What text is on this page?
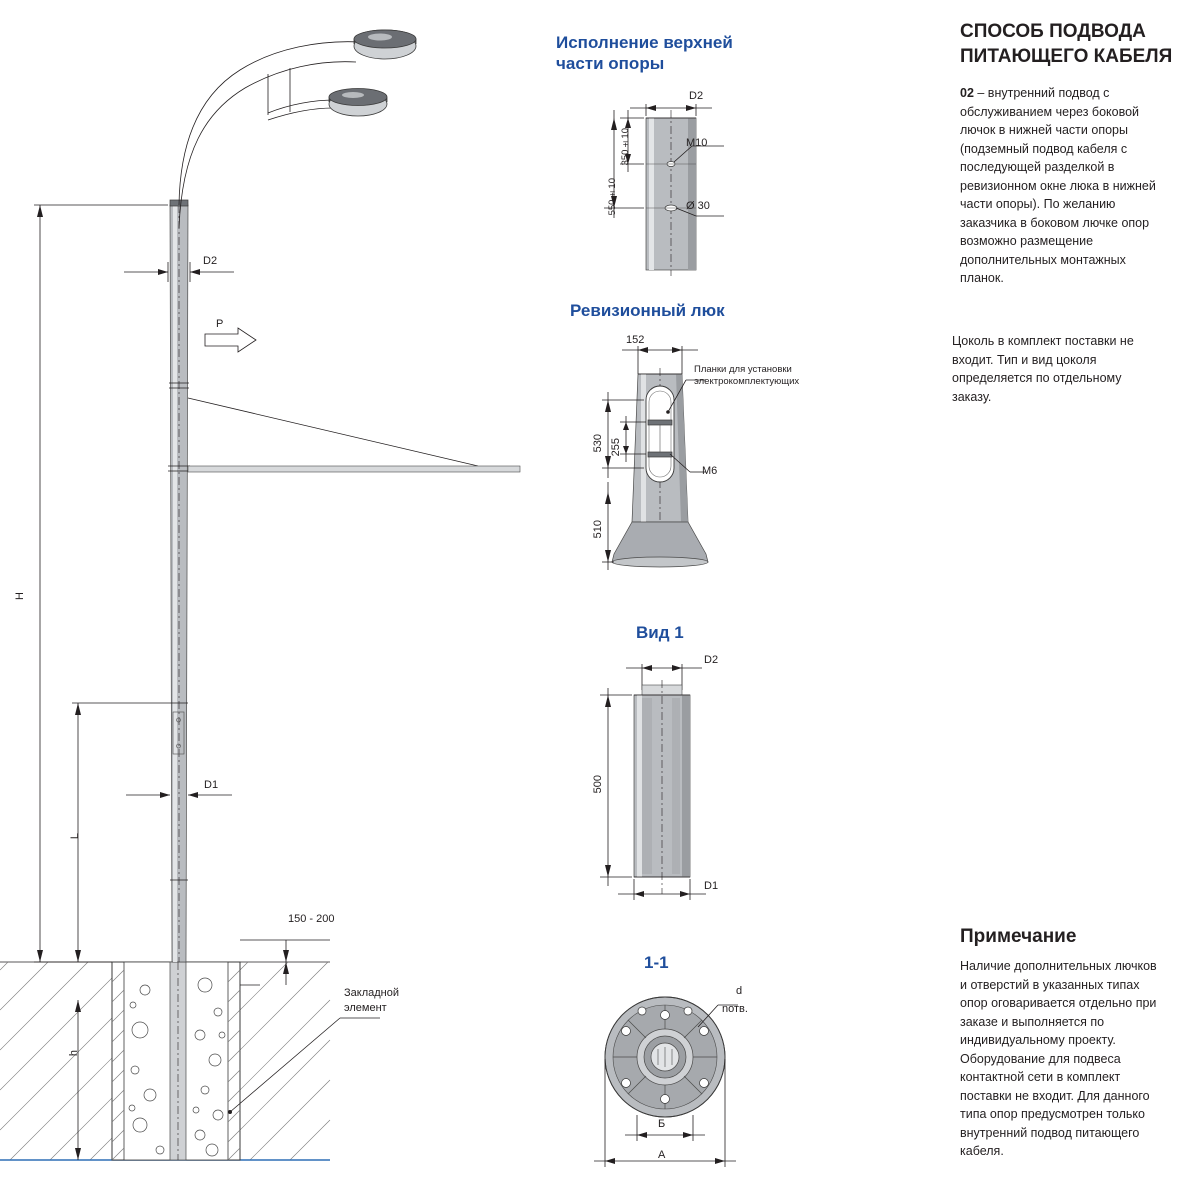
D2
D1
P
H
L
h
150 - 200
Закладной
элемент
Исполнение верхней
части опоры
D2
350±10
550±10
M10
Ø 30
Ревизионный люк
152
530 255
510
M6
Планки для установки
электрокомплектующих
Вид 1
D2
500
D1
1-1
d
nотв.
Б
A
СПОСОБ ПОДВОДА
ПИТАЮЩЕГО КАБЕЛЯ
02 – внутренний подвод с обслуживанием через боковой лючок в нижней части опоры (подземный подвод кабеля с последующей разделкой в ревизионном окне люка в нижней части опоры). По желанию заказчика в боковом лючке опор возможно размещение дополнительных монтажных планок.
Цоколь в комплект поставки не входит. Тип и вид цоколя определяется по отдельному заказу.
Примечание
Наличие дополнительных лючков и отверстий в указанных типах опор оговаривается отдельно при заказе и выполняется по индивидуальному проекту. Оборудование для подвеса контактной сети в комплект поставки не входит. Для данного типа опор предусмотрен только внутренний подвод питающего кабеля.
